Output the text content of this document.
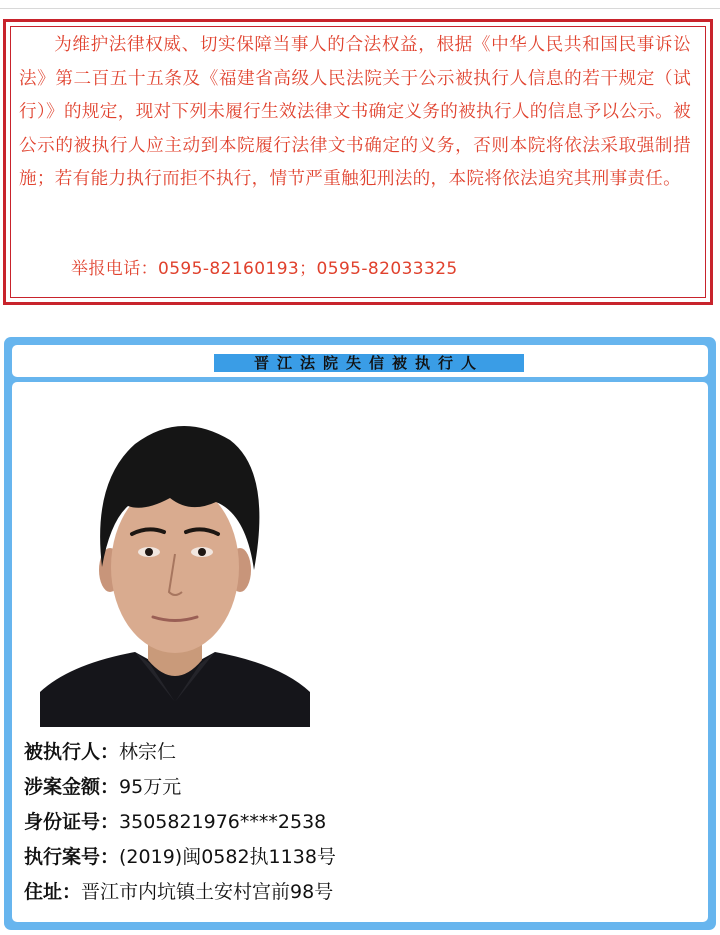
为维护法律权威、切实保障当事人的合法权益，根据《中华人民共和国民事诉讼法》第二百五十五条及《福建省高级人民法院关于公示被执行人信息的若干规定（试行）》的规定，现对下列未履行生效法律文书确定义务的被执行人的信息予以公示。被公示的被执行人应主动到本院履行法律文书确定的义务，否则本院将依法采取强制措施；若有能力执行而拒不执行，情节严重触犯刑法的，本院将依法追究其刑事责任。

举报电话：0595-82160193；0595-82033325

晋江法院失信被执行人
被执行人：林宗仁
涉案金额：95万元
身份证号：3505821976****2538
执行案号：(2019)闽0582执1138号
住址：晋江市内坑镇土安村宫前98号
